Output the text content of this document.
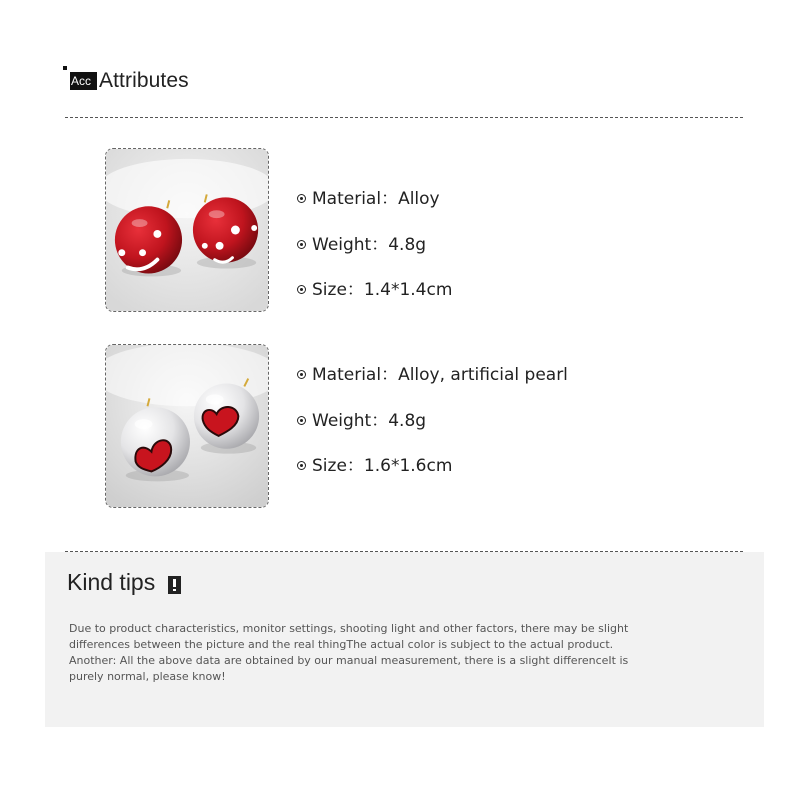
Acc Attributes
Material：Alloy
Weight：4.8g
Size：1.4*1.4cm
Material：Alloy, artificial pearl
Weight：4.8g
Size：1.6*1.6cm
Kind tips

Due to product characteristics, monitor settings, shooting light and other factors, there may be slight

differences between the picture and the real thingThe actual color is subject to the actual product.

Another: All the above data are obtained by our manual measurement, there is a slight differenceIt is

purely normal, please know!
